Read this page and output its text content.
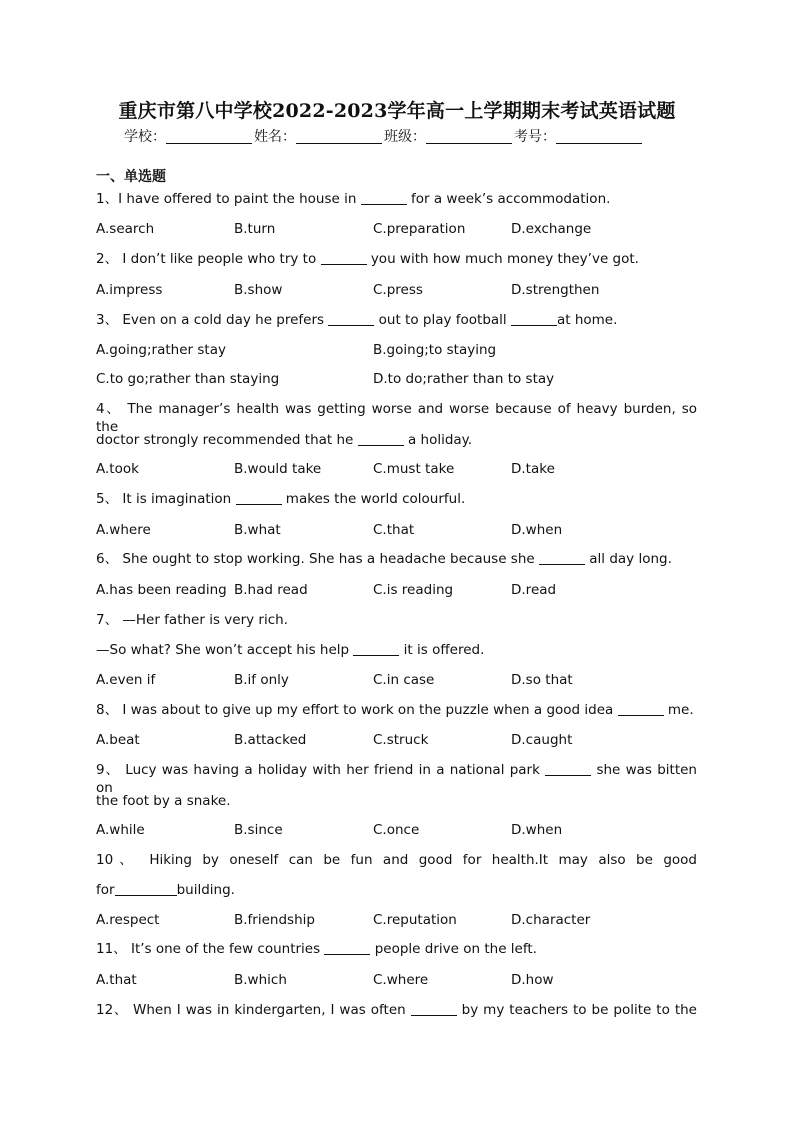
重庆市第八中学校2022-2023学年高一上学期期末考试英语试题
学校：	姓名：	班级：	考号：
一、单选题
1、I have offered to paint the house in	for a week’s accommodation.
A.search	B.turn	C.preparation	D.exchange
2、 I don’t like people who try to	you with how much money they’ve got.
A.impress	B.show	C.press	D.strengthen
3、 Even on a cold day he prefers	out to play football	at home.
A.going;rather stay	B.going;to staying
C.to go;rather than staying	D.to do;rather than to stay
4、 The manager’s health was getting worse and worse because of heavy burden, so the
doctor strongly recommended that he	a holiday.
A.took	B.would take	C.must take	D.take
5、 It is imagination	makes the world colourful.
A.where	B.what	C.that	D.when
6、 She ought to stop working. She has a headache because she	all day long.
A.has been reading B.had read	C.is reading	D.read
7、 —Her father is very rich.
—So what? She won’t accept his help	it is offered.
A.even if	B.if only	C.in case	D.so that
8、 I was about to give up my effort to work on the puzzle when a good idea	me.
A.beat	B.attacked	C.struck	D.caught
9、 Lucy was having a holiday with her friend in a national park	she was bitten on
the foot by a snake.
A.while	B.since	C.once	D.when
10、 Hiking by oneself can be fun and good for health.It may also be good
for	building.
A.respect	B.friendship	C.reputation	D.character
11、 It’s one of the few countries	people drive on the left.
A.that	B.which	C.where	D.how
12、 When I was in kindergarten, I was often	by my teachers to be polite to the
